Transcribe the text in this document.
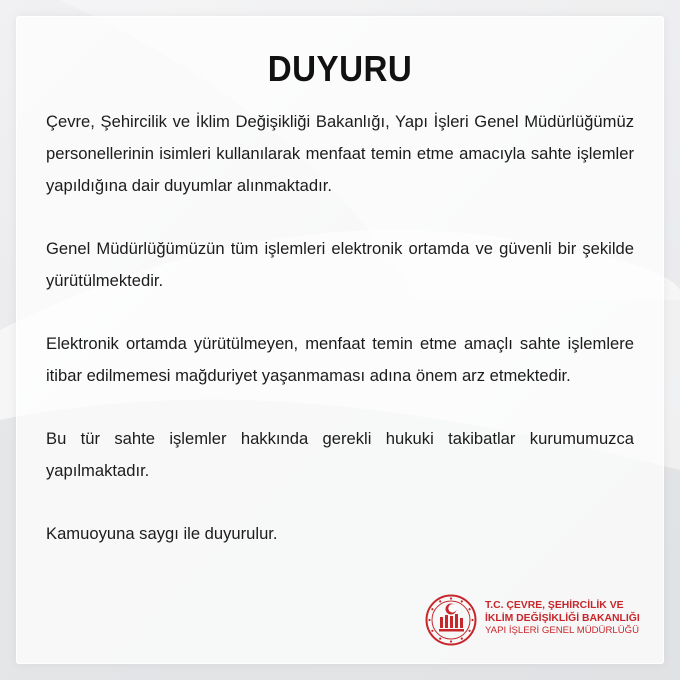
DUYURU

Çevre, Şehircilik ve İklim Değişikliği Bakanlığı, Yapı İşleri Genel Müdürlüğümüz personellerinin isimleri kullanılarak menfaat temin etme amacıyla sahte işlemler yapıldığına dair duyumlar alınmaktadır.

Genel Müdürlüğümüzün tüm işlemleri elektronik ortamda ve güvenli bir şekilde yürütülmektedir.

Elektronik ortamda yürütülmeyen, menfaat temin etme amaçlı sahte işlemlere itibar edilmemesi mağduriyet yaşanmaması adına önem arz etmektedir.

Bu tür sahte işlemler hakkında gerekli hukuki takibatlar kurumumuzca yapılmaktadır.

Kamuoyuna saygı ile duyurulur.

T.C. ÇEVRE, ŞEHİRCİLİK VE
İKLİM DEĞİŞİKLİĞİ BAKANLIĞI
YAPI İŞLERİ GENEL MÜDÜRLÜĞÜ
